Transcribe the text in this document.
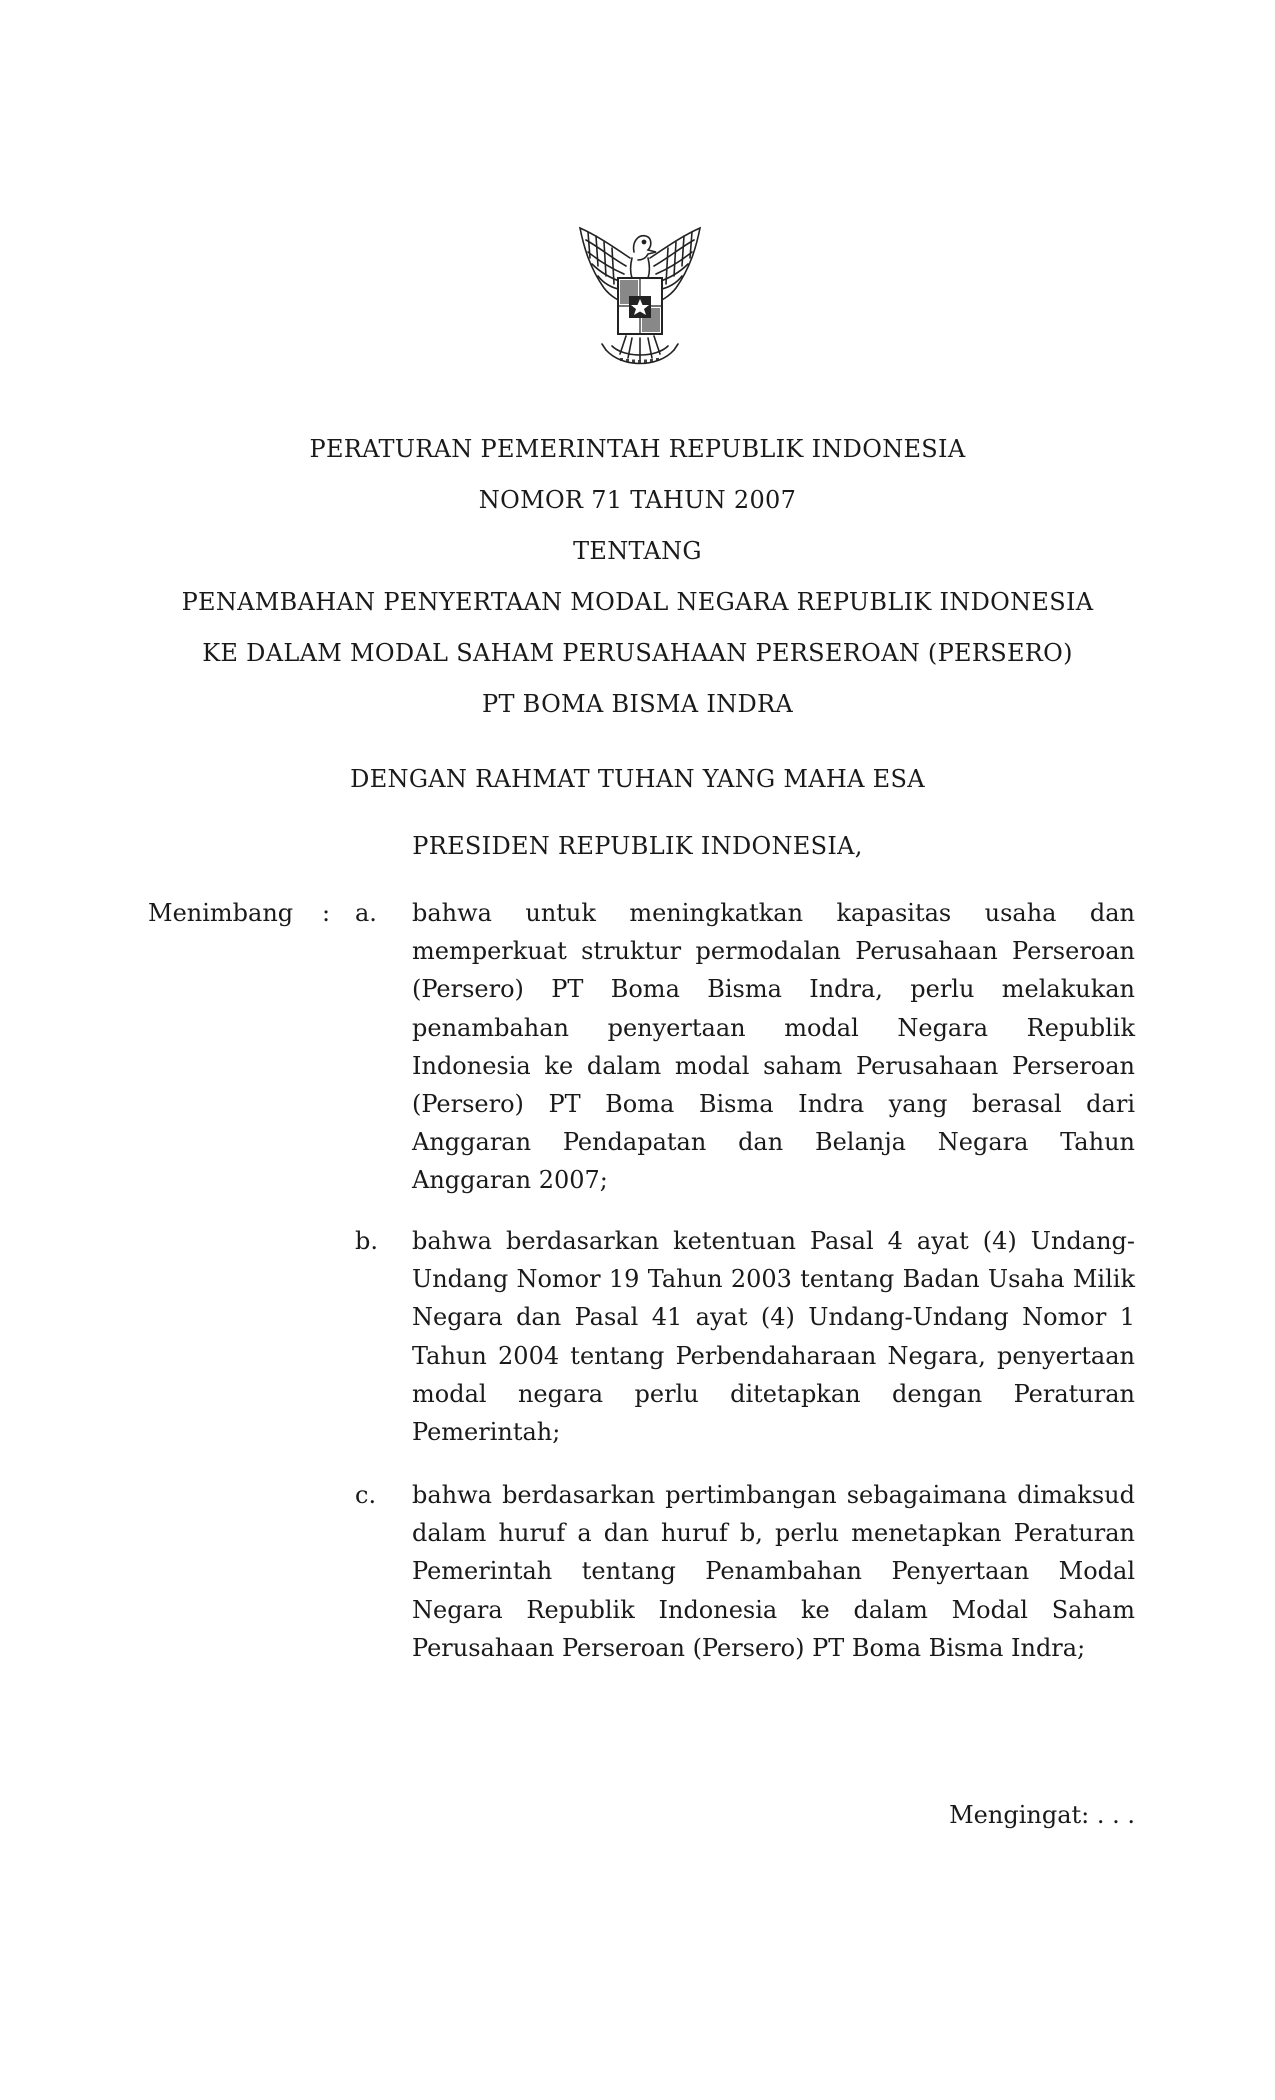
PERATURAN PEMERINTAH REPUBLIK INDONESIA
NOMOR 71 TAHUN 2007
TENTANG
PENAMBAHAN PENYERTAAN MODAL NEGARA REPUBLIK INDONESIA
KE DALAM MODAL SAHAM PERUSAHAAN PERSEROAN (PERSERO)
PT BOMA BISMA INDRA
DENGAN RAHMAT TUHAN YANG MAHA ESA
PRESIDEN REPUBLIK INDONESIA,
Menimbang : a.	bahwa untuk meningkatkan kapasitas usaha dan memperkuat struktur permodalan Perusahaan Perseroan (Persero) PT Boma Bisma Indra, perlu melakukan penambahan penyertaan modal Negara Republik Indonesia ke dalam modal saham Perusahaan Perseroan (Persero) PT Boma Bisma Indra yang berasal dari Anggaran Pendapatan dan Belanja Negara Tahun Anggaran 2007;
b.	bahwa berdasarkan ketentuan Pasal 4 ayat (4) Undang-Undang Nomor 19 Tahun 2003 tentang Badan Usaha Milik Negara dan Pasal 41 ayat (4) Undang-Undang Nomor 1 Tahun 2004 tentang Perbendaharaan Negara, penyertaan modal negara perlu ditetapkan dengan Peraturan Pemerintah;
c.	bahwa berdasarkan pertimbangan sebagaimana dimaksud dalam huruf a dan huruf b, perlu menetapkan Peraturan Pemerintah tentang Penambahan Penyertaan Modal Negara Republik Indonesia ke dalam Modal Saham Perusahaan Perseroan (Persero) PT Boma Bisma Indra;
Mengingat: . . .
